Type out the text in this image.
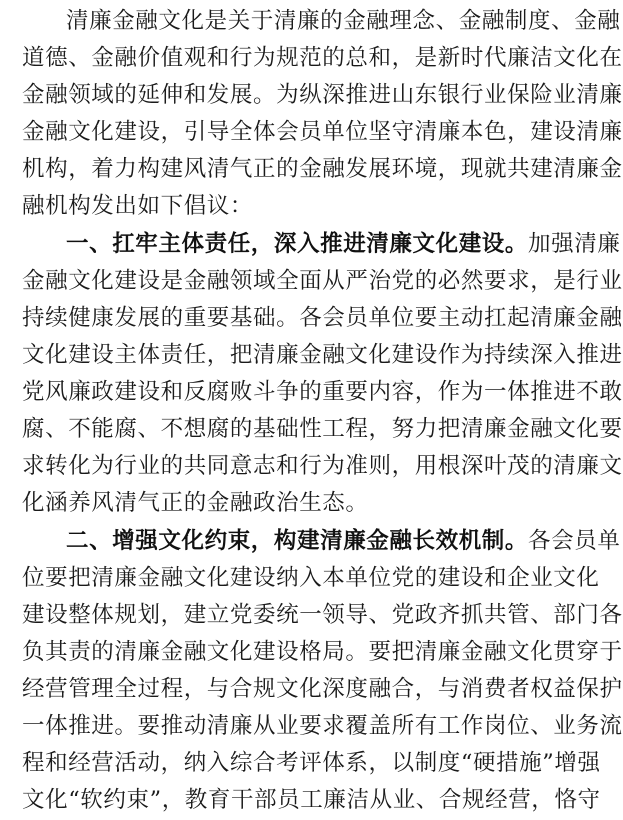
清廉金融文化是关于清廉的金融理念、金融制度、金融
道德、金融价值观和行为规范的总和，是新时代廉洁文化在
金融领域的延伸和发展。为纵深推进山东银行业保险业清廉
金融文化建设，引导全体会员单位坚守清廉本色，建设清廉
机构，着力构建风清气正的金融发展环境，现就共建清廉金
融机构发出如下倡议：
一、扛牢主体责任，深入推进清廉文化建设。加强清廉
金融文化建设是金融领域全面从严治党的必然要求，是行业
持续健康发展的重要基础。各会员单位要主动扛起清廉金融
文化建设主体责任，把清廉金融文化建设作为持续深入推进
党风廉政建设和反腐败斗争的重要内容，作为一体推进不敢
腐、不能腐、不想腐的基础性工程，努力把清廉金融文化要
求转化为行业的共同意志和行为准则，用根深叶茂的清廉文
化涵养风清气正的金融政治生态。
二、增强文化约束，构建清廉金融长效机制。各会员单
位要把清廉金融文化建设纳入本单位党的建设和企业文化
建设整体规划，建立党委统一领导、党政齐抓共管、部门各
负其责的清廉金融文化建设格局。要把清廉金融文化贯穿于
经营管理全过程，与合规文化深度融合，与消费者权益保护
一体推进。要推动清廉从业要求覆盖所有工作岗位、业务流
程和经营活动，纳入综合考评体系，以制度“硬措施”增强
文化“软约束”，教育干部员工廉洁从业、合规经营，恪守
